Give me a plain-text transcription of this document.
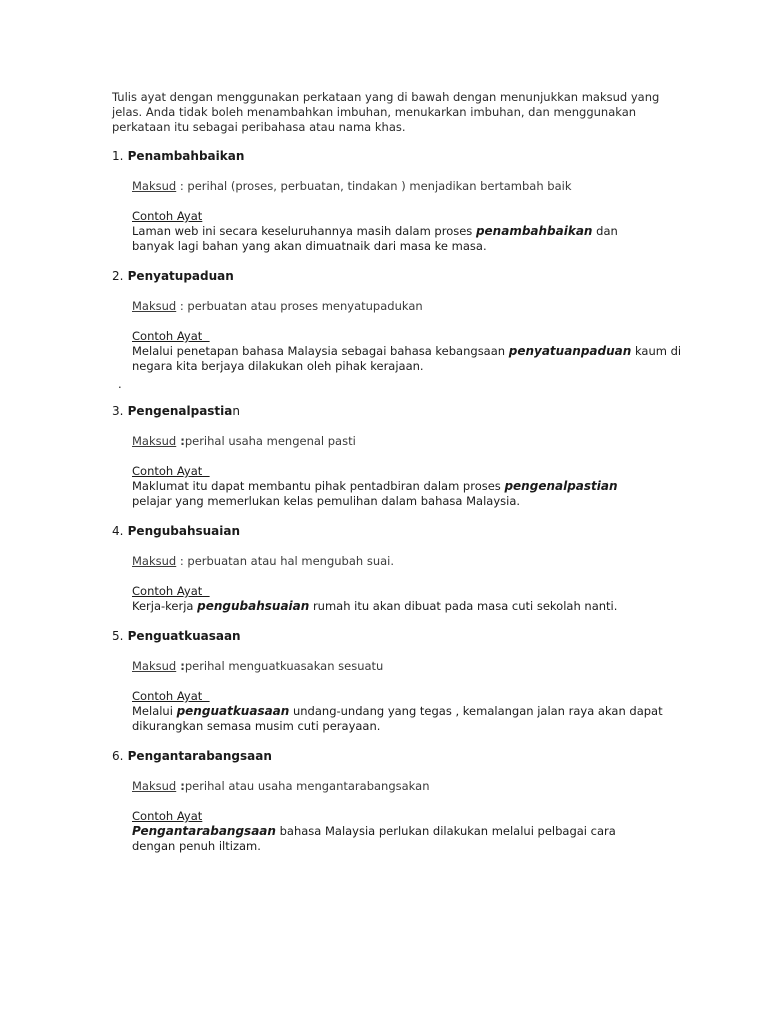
Tulis ayat dengan menggunakan perkataan yang di bawah dengan menunjukkan maksud yang
jelas. Anda tidak boleh menambahkan imbuhan, menukarkan imbuhan, dan menggunakan
perkataan itu sebagai peribahasa atau nama khas.
1. Penambahbaikan
Maksud : perihal (proses, perbuatan, tindakan ) menjadikan bertambah baik
Contoh Ayat
Laman web ini secara keseluruhannya masih dalam proses penambahbaikan dan
banyak lagi bahan yang akan dimuatnaik dari masa ke masa.
2. Penyatupaduan
Maksud : perbuatan atau proses menyatupadukan
Contoh Ayat
Melalui penetapan bahasa Malaysia sebagai bahasa kebangsaan penyatuanpaduan kaum di
negara kita berjaya dilakukan oleh pihak kerajaan.
.
3. Pengenalpastian
Maksud :perihal usaha mengenal pasti
Contoh Ayat
Maklumat itu dapat membantu pihak pentadbiran dalam proses pengenalpastian
pelajar yang memerlukan kelas pemulihan dalam bahasa Malaysia.
4. Pengubahsuaian
Maksud : perbuatan atau hal mengubah suai.
Contoh Ayat
Kerja-kerja pengubahsuaian rumah itu akan dibuat pada masa cuti sekolah nanti.
5. Penguatkuasaan
Maksud :perihal menguatkuasakan sesuatu
Contoh Ayat
Melalui penguatkuasaan undang-undang yang tegas , kemalangan jalan raya akan dapat
dikurangkan semasa musim cuti perayaan.
6. Pengantarabangsaan
Maksud :perihal atau usaha mengantarabangsakan
Contoh Ayat
Pengantarabangsaan bahasa Malaysia perlukan dilakukan melalui pelbagai cara
dengan penuh iltizam.
